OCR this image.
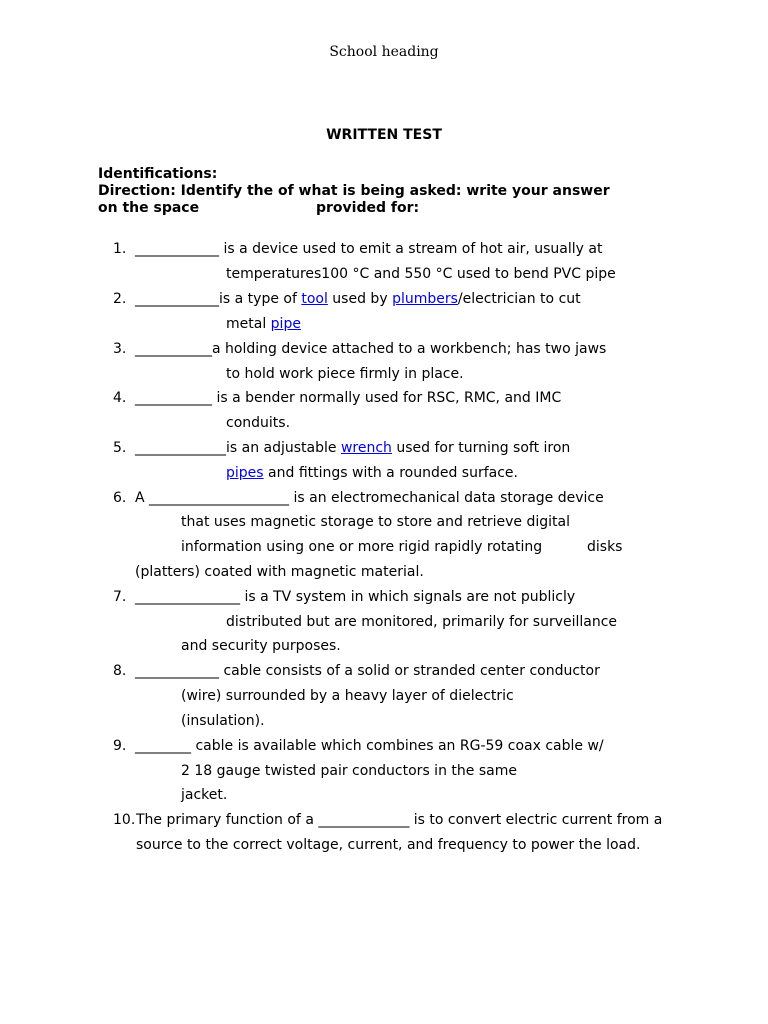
School heading
WRITTEN TEST
Identifications:
Direction: Identify the of what is being asked: write your answer
on the space	provided for:
1. ____________ is a device used to emit a stream of hot air, usually at
temperatures100 °C and 550 °C used to bend PVC pipe
2. ____________is a type of tool used by plumbers/electrician to cut
metal pipe
3. ___________a holding device attached to a workbench; has two jaws
to hold work piece firmly in place.
4. ___________ is a bender normally used for RSC, RMC, and IMC
conduits.
5. _____________is an adjustable wrench used for turning soft iron
pipes and fittings with a rounded surface.
6. A ____________________ is an electromechanical data storage device
that uses magnetic storage to store and retrieve digital
information using one or more rigid rapidly rotating	disks
(platters) coated with magnetic material.
7. _______________ is a TV system in which signals are not publicly
distributed but are monitored, primarily for surveillance
and security purposes.
8. ____________ cable consists of a solid or stranded center conductor
(wire) surrounded by a heavy layer of dielectric
(insulation).
9. ________ cable is available which combines an RG-59 coax cable w/
2 18 gauge twisted pair conductors in the same
jacket.
10. The primary function of a _____________ is to convert electric current from a
source to the correct voltage, current, and frequency to power the load.
